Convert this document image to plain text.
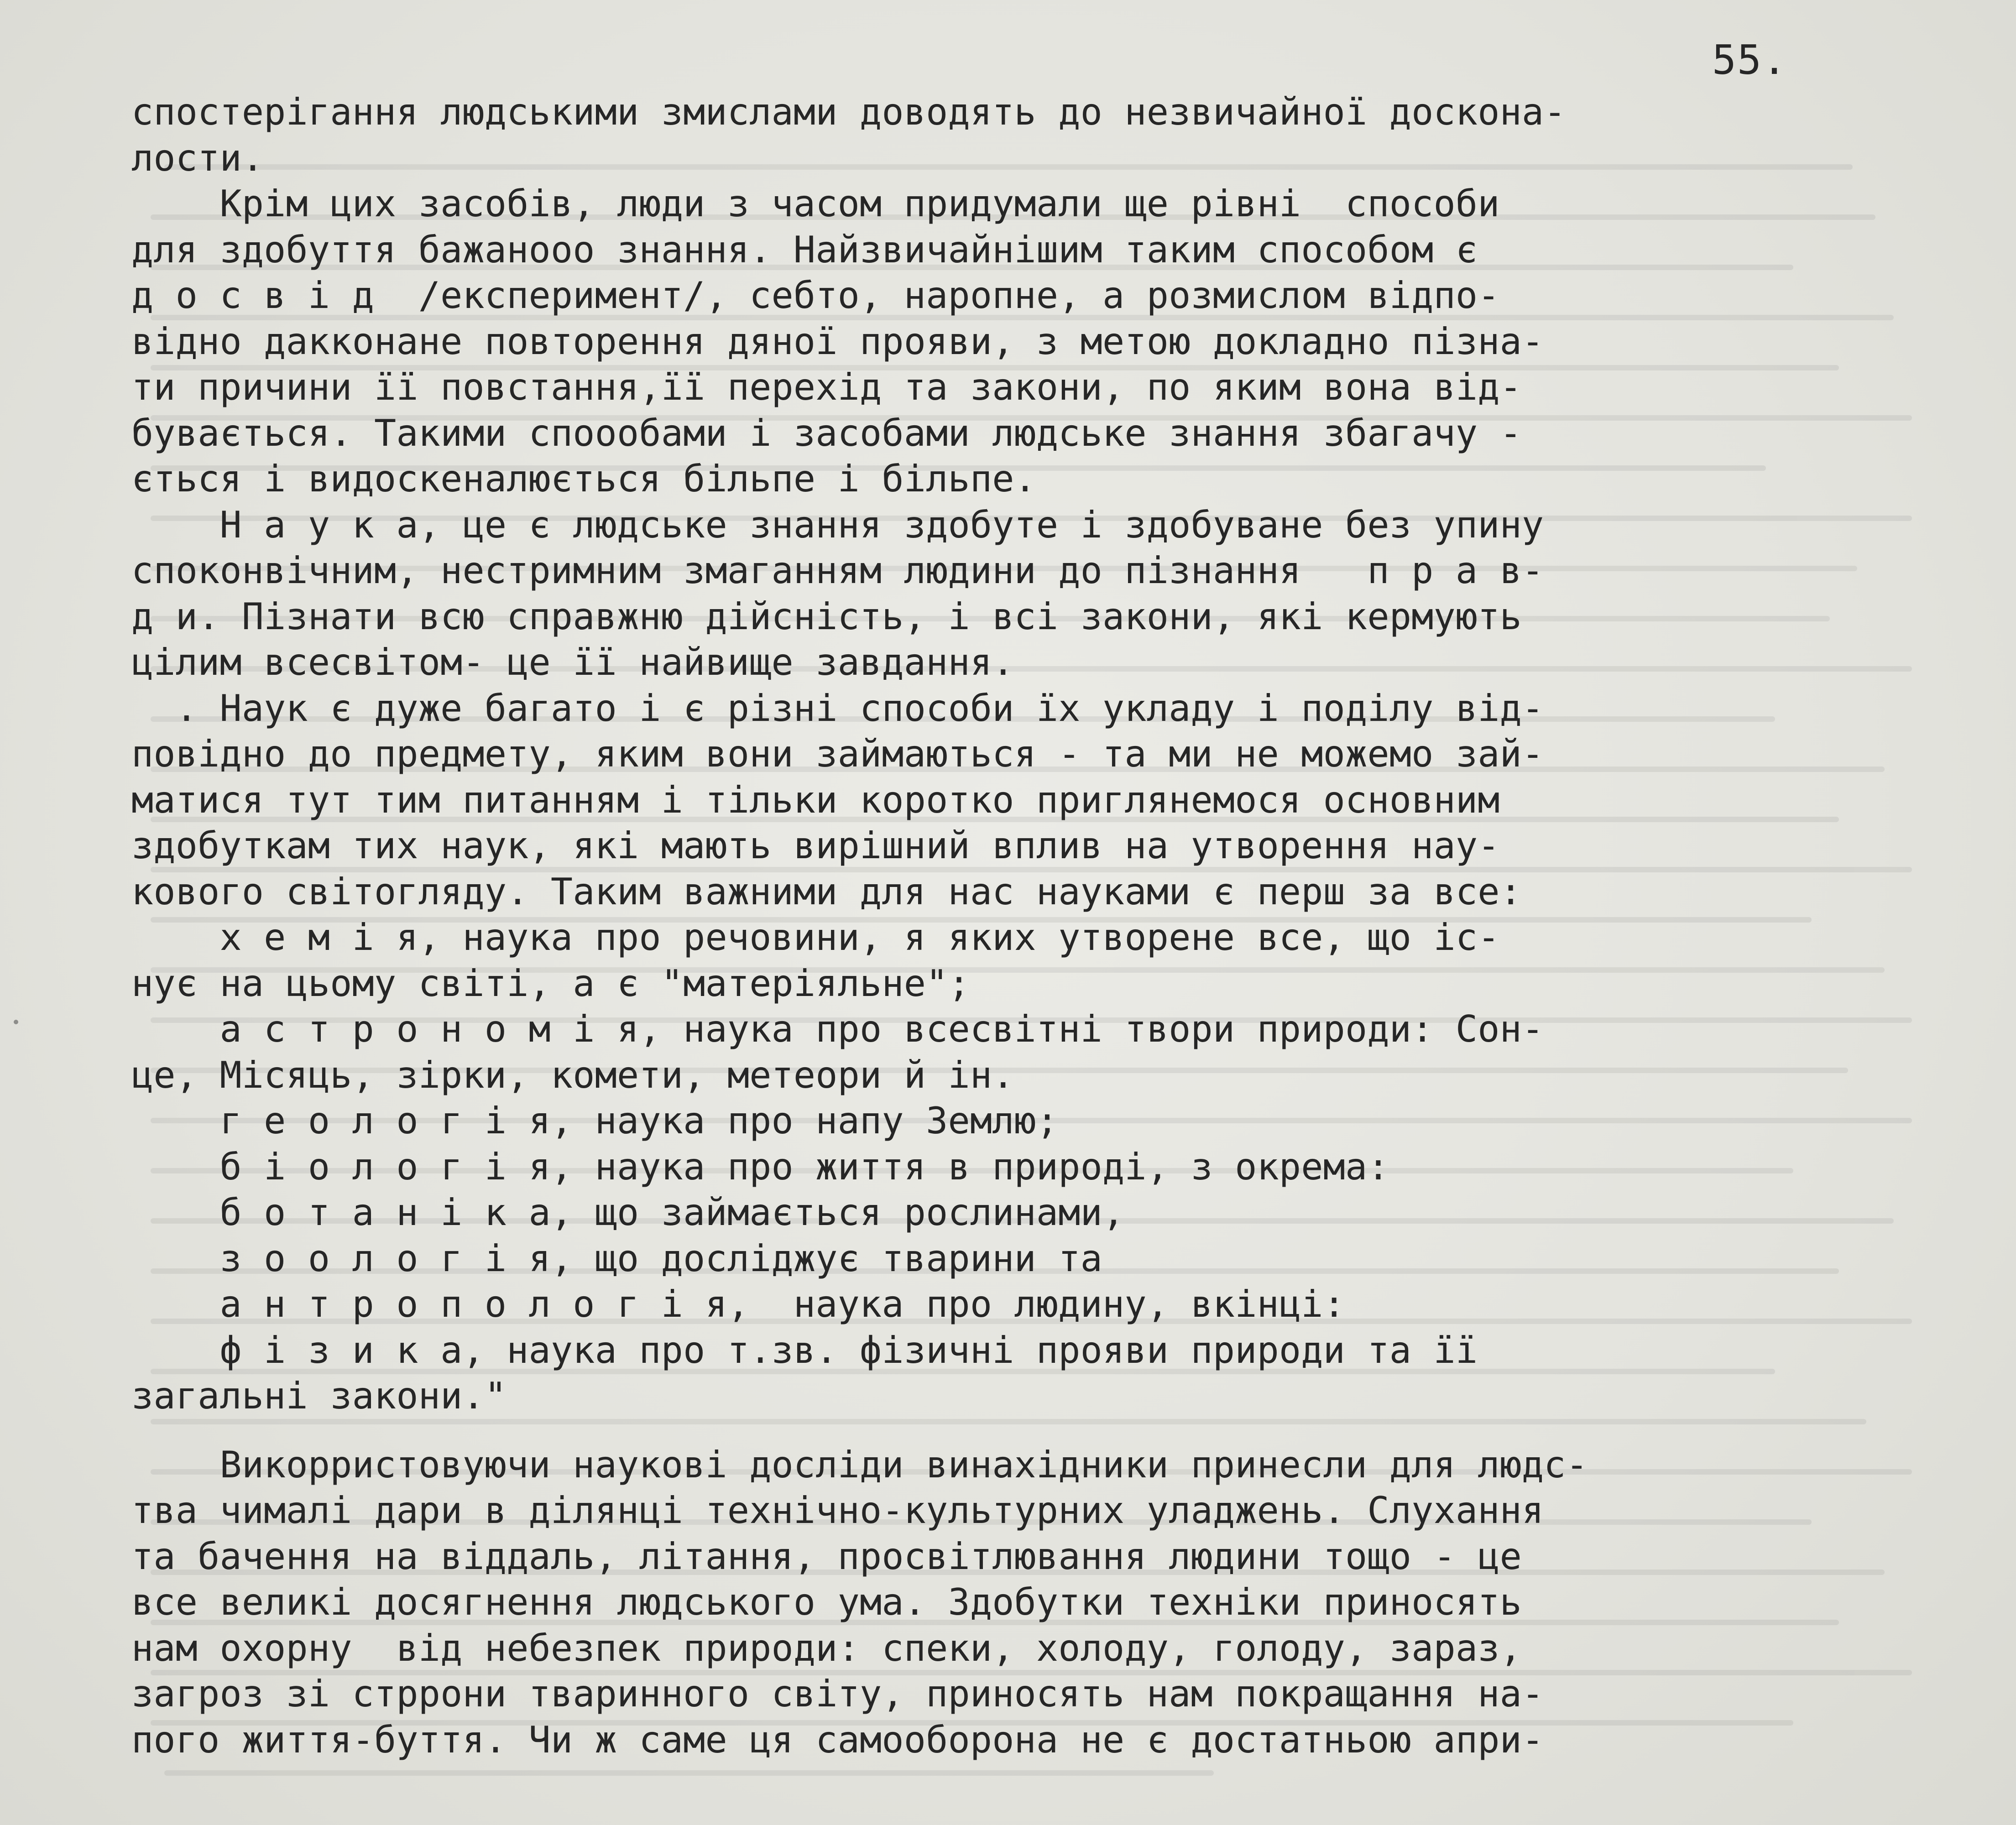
55.
спостерігання людськими змислами доводять до незвичайної доскона-
лости.
Крім цих засобів, люди з часом придумали ще рівні  способи
для здобуття бажанооо знання. Найзвичайнішим таким способом є
д о с в і д  /експеримент/, себто, наропне, а розмислом відпо-
відно дакконане повторення дяної прояви, з метою докладно пізна-
ти причини її повстання,її перехід та закони, по яким вона від-
бувається. Такими споообами і засобами людське знання збагачу -
ється і видоскеналюється більпе і більпе.
Н а у к а, це є людське знання здобуте і здобуване без упину
споконвічним, нестримним змаганням людини до пізнання   п р а в-
д и. Пізнати всю справжню дійсність, і всі закони, які кермують
цілим всесвітом- це її найвище завдання.
. Наук є дуже багато і є різні способи їх укладу і поділу від-
повідно до предмету, яким вони займаються - та ми не можемо зай-
матися тут тим питанням і тільки коротко приглянемося основним
здобуткам тих наук, які мають вирішний вплив на утворення нау-
кового світогляду. Таким важними для нас науками є перш за все:
х е м і я, наука про речовини, я яких утворене все, що іс-
нує на цьому світі, а є "матеріяльне";
а с т р о н о м і я, наука про всесвітні твори природи: Сон-
це, Місяць, зірки, комети, метеори й ін.
г е о л о г і я, наука про напу Землю;
б і о л о г і я, наука про життя в природі, з окрема:
б о т а н і к а, що займається рослинами,
з о о л о г і я, що досліджує тварини та
а н т р о п о л о г і я,  наука про людину, вкінці:
ф і з и к а, наука про т.зв. фізичні прояви природи та її
загальні закони."
Викоpристовуючи наукові досліди винахідники принесли для людс-
тва чималі дари в ділянці технічно-культурних уладжень. Слухання
та бачення на віддаль, літання, просвітлювання людини тощо - це
все великі досягнення людського ума. Здобутки техніки приносять
нам охорну  від небезпек природи: спеки, холоду, голоду, зараз,
загроз зі стррони тваринного світу, приносять нам покращання на-
пого життя-буття. Чи ж саме ця самооборона не є достатньою апри-
